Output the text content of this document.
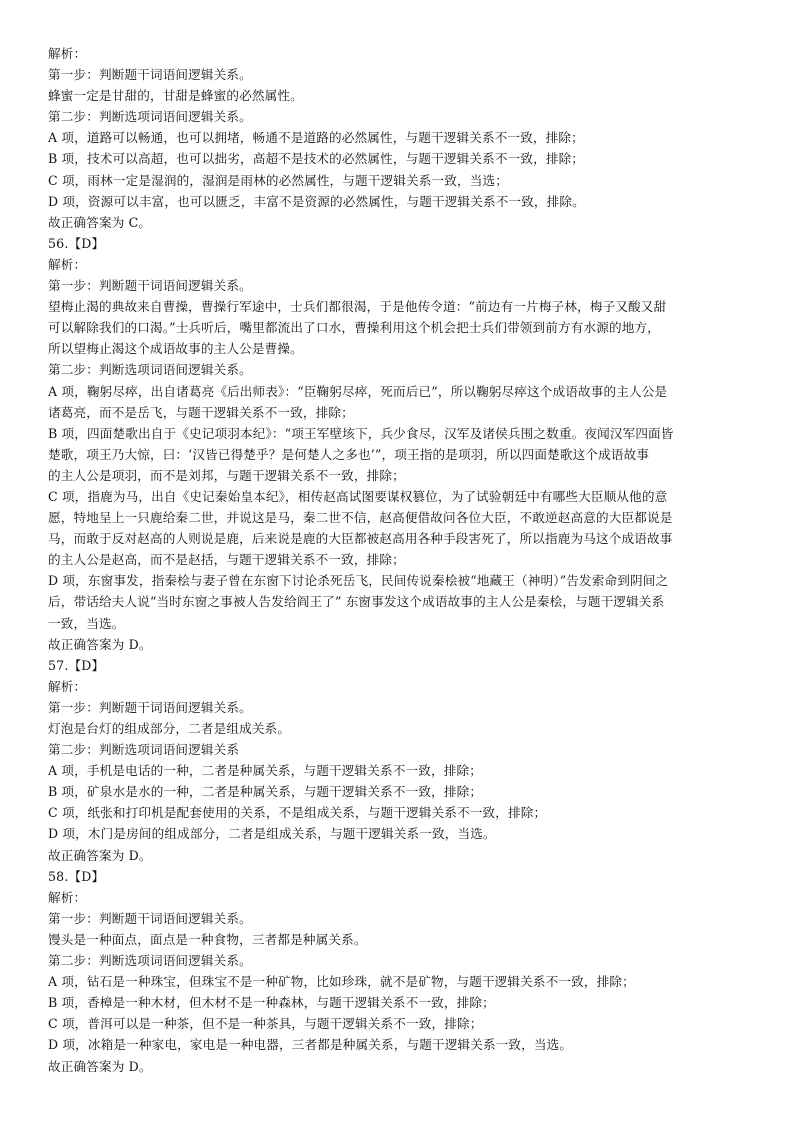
解析：
第一步：判断题干词语间逻辑关系。
蜂蜜一定是甘甜的，甘甜是蜂蜜的必然属性。
第二步：判断选项词语间逻辑关系。
A 项，道路可以畅通，也可以拥堵，畅通不是道路的必然属性，与题干逻辑关系不一致，排除；
B 项，技术可以高超，也可以拙劣，高超不是技术的必然属性，与题干逻辑关系不一致，排除；
C 项，雨林一定是湿润的，湿润是雨林的必然属性，与题干逻辑关系一致，当选；
D 项，资源可以丰富，也可以匮乏，丰富不是资源的必然属性，与题干逻辑关系不一致，排除。
故正确答案为 C。
56.【D】
解析：
第一步：判断题干词语间逻辑关系。
望梅止渴的典故来自曹操，曹操行军途中，士兵们都很渴，于是他传令道：“前边有一片梅子林，梅子又酸又甜
可以解除我们的口渴。”士兵听后，嘴里都流出了口水，曹操利用这个机会把士兵们带领到前方有水源的地方，
所以望梅止渴这个成语故事的主人公是曹操。
第二步：判断选项词语间逻辑关系。
A 项，鞠躬尽瘁，出自诸葛亮《后出师表》：“臣鞠躬尽瘁，死而后已”，所以鞠躬尽瘁这个成语故事的主人公是
诸葛亮，而不是岳飞，与题干逻辑关系不一致，排除；
B 项，四面楚歌出自于《史记项羽本纪》：“项王军壁垓下，兵少食尽，汉军及诸侯兵围之数重。夜闻汉军四面皆
楚歌，项王乃大惊，曰：‘汉皆已得楚乎？是何楚人之多也’”，项王指的是项羽，所以四面楚歌这个成语故事
的主人公是项羽，而不是刘邦，与题干逻辑关系不一致，排除；
C 项，指鹿为马，出自《史记秦始皇本纪》，相传赵高试图要谋权篡位，为了试验朝廷中有哪些大臣顺从他的意
愿，特地呈上一只鹿给秦二世，并说这是马，秦二世不信，赵高便借故问各位大臣，不敢逆赵高意的大臣都说是
马，而敢于反对赵高的人则说是鹿，后来说是鹿的大臣都被赵高用各种手段害死了，所以指鹿为马这个成语故事
的主人公是赵高，而不是赵括，与题干逻辑关系不一致，排除；
D 项，东窗事发，指秦桧与妻子曾在东窗下讨论杀死岳飞，民间传说秦桧被“地藏王（神明）”告发索命到阴间之
后，带话给夫人说“当时东窗之事被人告发给阎王了” 东窗事发这个成语故事的主人公是秦桧，与题干逻辑关系
一致，当选。
故正确答案为 D。
57.【D】
解析：
第一步：判断题干词语间逻辑关系。
灯泡是台灯的组成部分，二者是组成关系。
第二步：判断选项词语间逻辑关系
A 项，手机是电话的一种，二者是种属关系，与题干逻辑关系不一致，排除；
B 项，矿泉水是水的一种，二者是种属关系，与题干逻辑关系不一致，排除；
C 项，纸张和打印机是配套使用的关系，不是组成关系，与题干逻辑关系不一致，排除；
D 项，木门是房间的组成部分，二者是组成关系，与题干逻辑关系一致，当选。
故正确答案为 D。
58.【D】
解析：
第一步：判断题干词语间逻辑关系。
馒头是一种面点，面点是一种食物，三者都是种属关系。
第二步：判断选项词语间逻辑关系。
A 项，钻石是一种珠宝，但珠宝不是一种矿物，比如珍珠，就不是矿物，与题干逻辑关系不一致，排除；
B 项，香樟是一种木材，但木材不是一种森林，与题干逻辑关系不一致，排除；
C 项，普洱可以是一种茶，但不是一种茶具，与题干逻辑关系不一致，排除；
D 项，冰箱是一种家电，家电是一种电器，三者都是种属关系，与题干逻辑关系一致，当选。
故正确答案为 D。
